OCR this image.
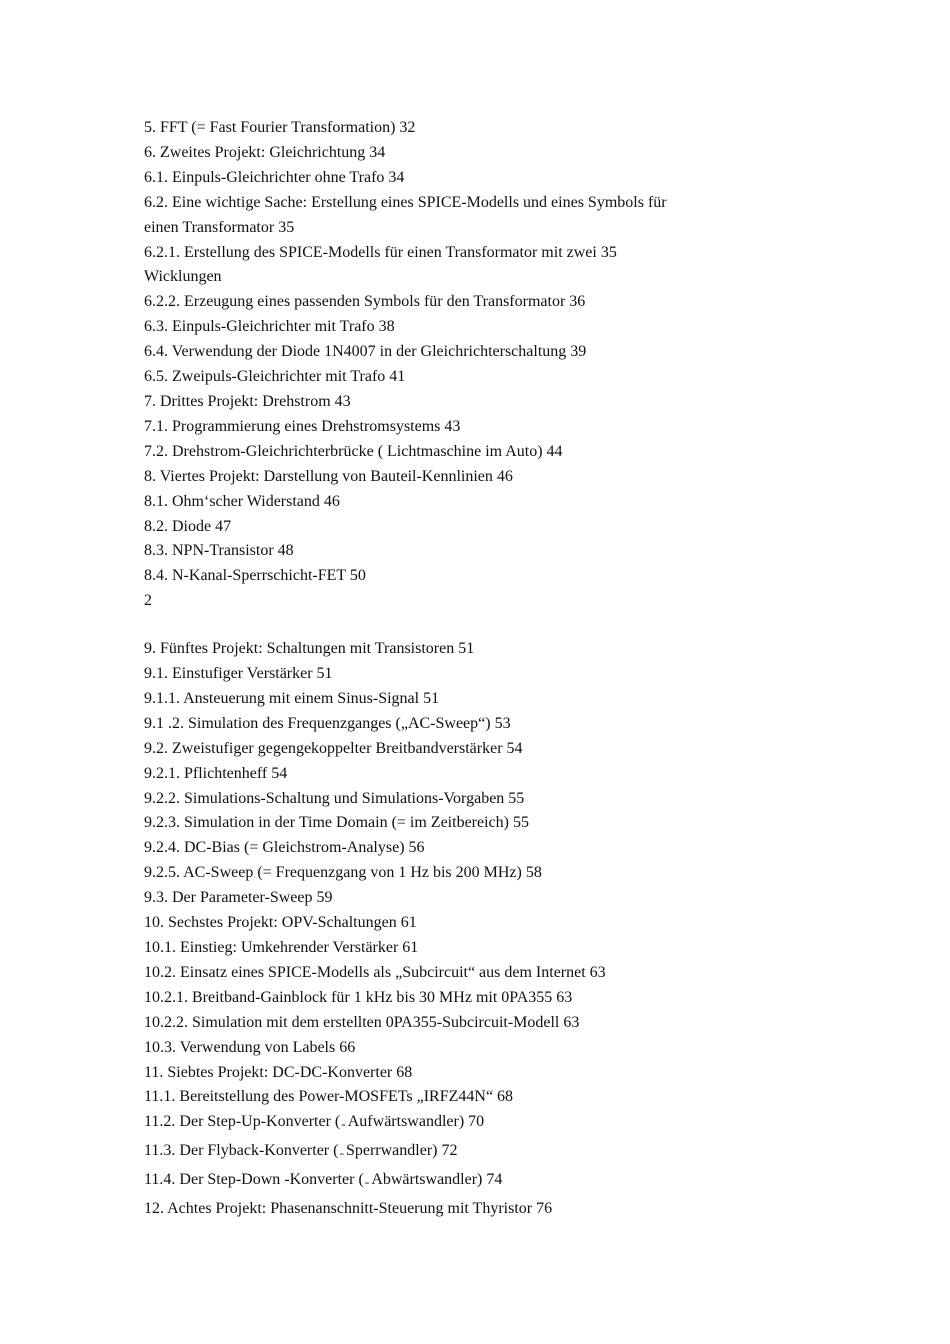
5. FFT (= Fast Fourier Transformation) 32
6. Zweites Projekt: Gleichrichtung 34
6.1. Einpuls-Gleichrichter ohne Trafo 34
6.2. Eine wichtige Sache: Erstellung eines SPICE-Modells und eines Symbols für
einen Transformator 35
6.2.1. Erstellung des SPICE-Modells für einen Transformator mit zwei 35
Wicklungen
6.2.2. Erzeugung eines passenden Symbols für den Transformator 36
6.3. Einpuls-Gleichrichter mit Trafo 38
6.4. Verwendung der Diode 1N4007 in der Gleichrichterschaltung 39
6.5. Zweipuls-Gleichrichter mit Trafo 41
7. Drittes Projekt: Drehstrom 43
7.1. Programmierung eines Drehstromsystems 43
7.2. Drehstrom-Gleichrichterbrücke ( Lichtmaschine im Auto) 44
8. Viertes Projekt: Darstellung von Bauteil-Kennlinien 46
8.1. Ohm‘scher Widerstand 46
8.2. Diode 47
8.3. NPN-Transistor 48
8.4. N-Kanal-Sperrschicht-FET 50
2
9. Fünftes Projekt: Schaltungen mit Transistoren 51
9.1. Einstufiger Verstärker 51
9.1.1. Ansteuerung mit einem Sinus-Signal 51
9.1 .2. Simulation des Frequenzganges („AC-Sweep“) 53
9.2. Zweistufiger gegengekoppelter Breitbandverstärker 54
9.2.1. Pflichtenheff 54
9.2.2. Simulations-Schaltung und Simulations-Vorgaben 55
9.2.3. Simulation in der Time Domain (= im Zeitbereich) 55
9.2.4. DC-Bias (= Gleichstrom-Analyse) 56
9.2.5. AC-Sweep (= Frequenzgang von 1 Hz bis 200 MHz) 58
9.3. Der Parameter-Sweep 59
10. Sechstes Projekt: OPV-Schaltungen 61
10.1. Einstieg: Umkehrender Verstärker 61
10.2. Einsatz eines SPICE-Modells als „Subcircuit“ aus dem Internet 63
10.2.1. Breitband-Gainblock für 1 kHz bis 30 MHz mit 0PA355 63
10.2.2. Simulation mit dem erstellten 0PA355-Subcircuit-Modell 63
10.3. Verwendung von Labels 66
11. Siebtes Projekt: DC-DC-Konverter 68
11.1. Bereitstellung des Power-MOSFETs „IRFZ44N“ 68
11.2. Der Step-Up-Konverter (= Aufwärtswandler) 70
11.3. Der Flyback-Konverter (= Sperrwandler) 72
11.4. Der Step-Down -Konverter (= Abwärtswandler) 74
12. Achtes Projekt: Phasenanschnitt-Steuerung mit Thyristor 76
